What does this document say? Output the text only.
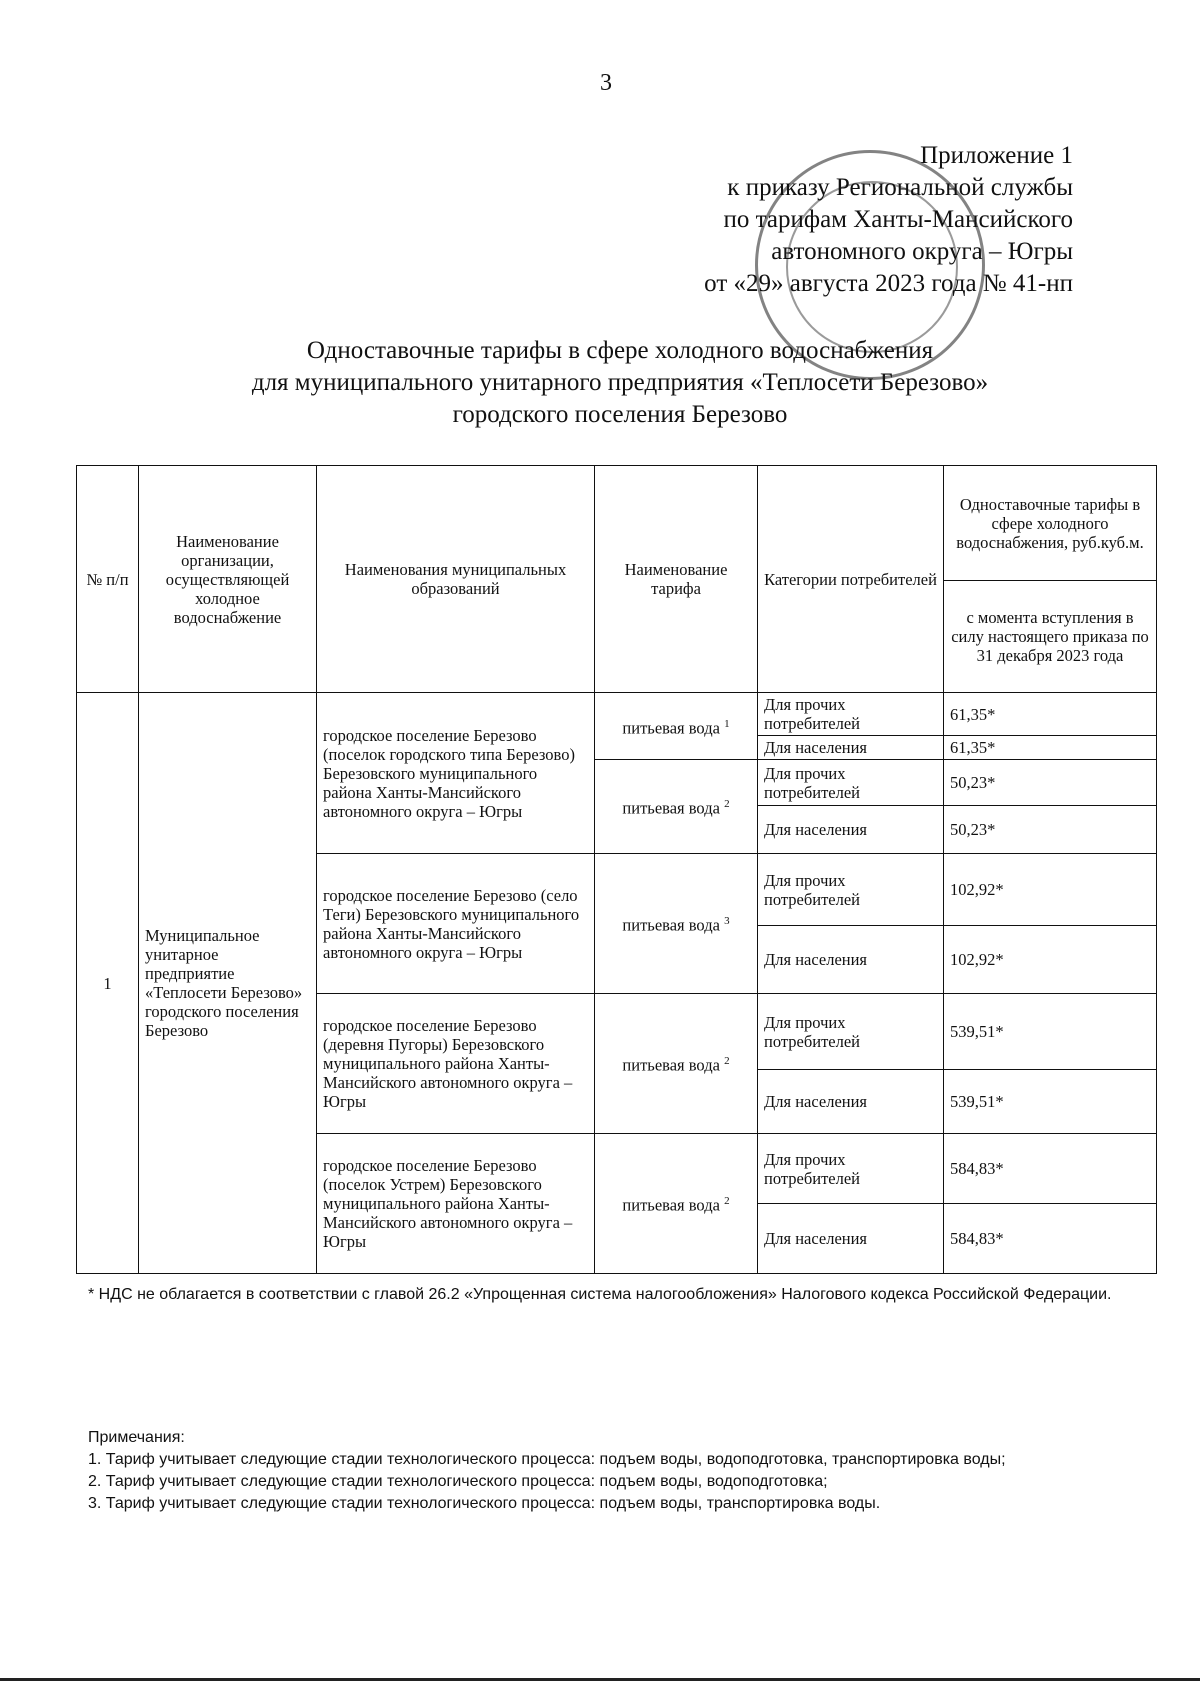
3
Приложение 1
к приказу Региональной службы
по тарифам Ханты-Мансийского
автономного округа – Югры
от «29» августа 2023 года № 41-нп
Одноставочные тарифы в сфере холодного водоснабжения
для муниципального унитарного предприятия «Теплосети Березово»
городского поселения Березово
№ п/п	Наименование организации, осуществляющей холодное водоснабжение	Наименования муниципальных образований	Наименование тарифа	Категории потребителей	Одноставочные тарифы в сфере холодного водоснабжения, руб.куб.м.
					с момента вступления в силу настоящего приказа по 31 декабря 2023 года
1	Муниципальное унитарное предприятие «Теплосети Березово» городского поселения Березово	городское поселение Березово (поселок городского типа Березово) Березовского муниципального района Ханты-Мансийского автономного округа – Югры	питьевая вода $^1$	Для прочих потребителей	61,35*
				Для населения	61,35*
			питьевая вода $^2$	Для прочих потребителей	50,23*
				Для населения	50,23*
		городское поселение Березово (село Теги) Березовского муниципального района Ханты-Мансийского автономного округа – Югры	питьевая вода $^3$	Для прочих потребителей	102,92*
				Для населения	102,92*
		городское поселение Березово (деревня Пугоры) Березовского муниципального района Ханты-Мансийского автономного округа – Югры	питьевая вода $^2$	Для прочих потребителей	539,51*
				Для населения	539,51*
		городское поселение Березово (поселок Устрем) Березовского муниципального района Ханты-Мансийского автономного округа – Югры	питьевая вода $^2$	Для прочих потребителей	584,83*
				Для населения	584,83*
* НДС не облагается в соответствии с главой 26.2 «Упрощенная система налогообложения» Налогового кодекса Российской Федерации.

Примечания:

1. Тариф учитывает следующие стадии технологического процесса: подъем воды, водоподготовка, транспортировка воды;

2. Тариф учитывает следующие стадии технологического процесса: подъем воды, водоподготовка;

3. Тариф учитывает следующие стадии технологического процесса: подъем воды, транспортировка воды.
